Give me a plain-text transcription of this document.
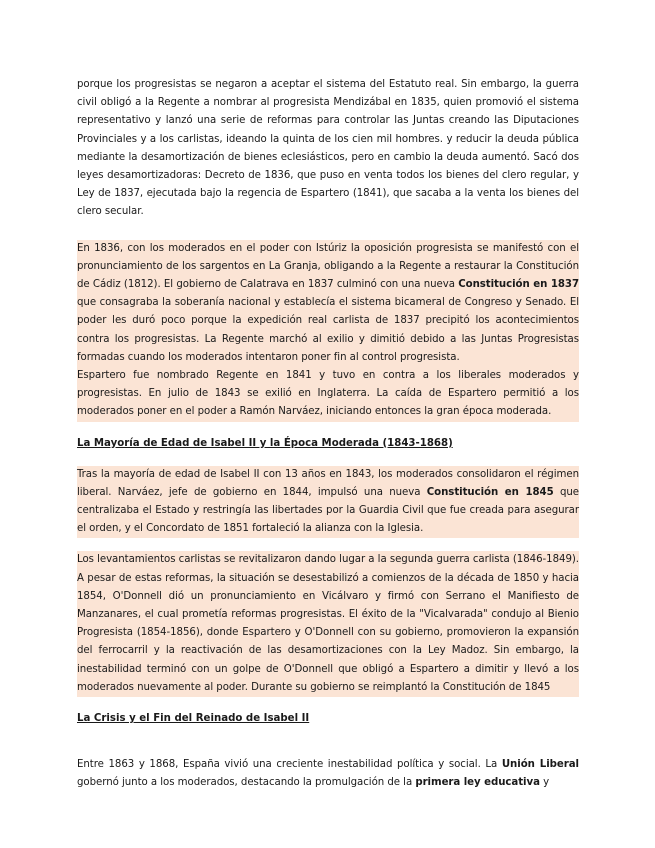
porque los progresistas se negaron a aceptar el sistema del Estatuto real. Sin embargo, la guerra civil obligó a la Regente a nombrar al progresista Mendizábal en 1835, quien promovió el sistema representativo y lanzó una serie de reformas para controlar las Juntas creando las Diputaciones Provinciales y a los carlistas, ideando la quinta de los cien mil hombres. y reducir la deuda pública mediante la desamortización de bienes eclesiásticos, pero en cambio la deuda aumentó. Sacó dos leyes desamortizadoras: Decreto de 1836, que puso en venta todos los bienes del clero regular, y Ley de 1837, ejecutada bajo la regencia de Espartero (1841), que sacaba a la venta los bienes del clero secular.

En 1836, con los moderados en el poder con Istúriz la oposición progresista se manifestó con el pronunciamiento de los sargentos en La Granja, obligando a la Regente a restaurar la Constitución de Cádiz (1812). El gobierno de Calatrava en 1837 culminó con una nueva Constitución en 1837 que consagraba la soberanía nacional y establecía el sistema bicameral de Congreso y Senado. El poder les duró poco porque la expedición real carlista de 1837 precipitó los acontecimientos contra los progresistas. La Regente marchó al exilio y dimitió debido a las Juntas Progresistas formadas cuando los moderados intentaron poner fin al control progresista.

Espartero fue nombrado Regente en 1841 y tuvo en contra a los liberales moderados y progresistas. En julio de 1843 se exilió en Inglaterra. La caída de Espartero permitió a los moderados poner en el poder a Ramón Narváez, iniciando entonces la gran época moderada.

La Mayoría de Edad de Isabel II y la Época Moderada (1843-1868)

Tras la mayoría de edad de Isabel II con 13 años en 1843, los moderados consolidaron el régimen liberal. Narváez, jefe de gobierno en 1844, impulsó una nueva Constitución en 1845 que centralizaba el Estado y restringía las libertades por la Guardia Civil que fue creada para asegurar el orden, y el Concordato de 1851 fortaleció la alianza con la Iglesia.

Los levantamientos carlistas se revitalizaron dando lugar a la segunda guerra carlista (1846-1849). A pesar de estas reformas, la situación se desestabilizó a comienzos de la década de 1850 y hacia 1854, O'Donnell dió un pronunciamiento en Vicálvaro y firmó con Serrano el Manifiesto de Manzanares, el cual prometía reformas progresistas. El éxito de la "Vicalvarada" condujo al Bienio Progresista (1854-1856), donde Espartero y O'Donnell con su gobierno, promovieron la expansión del ferrocarril y la reactivación de las desamortizaciones con la Ley Madoz. Sin embargo, la inestabilidad terminó con un golpe de O'Donnell que obligó a Espartero a dimitir y llevó a los moderados nuevamente al poder. Durante su gobierno se reimplantó la Constitución de 1845

La Crisis y el Fin del Reinado de Isabel II

Entre 1863 y 1868, España vivió una creciente inestabilidad política y social. La Unión Liberal gobernó junto a los moderados, destacando la promulgación de la primera ley educativa y
